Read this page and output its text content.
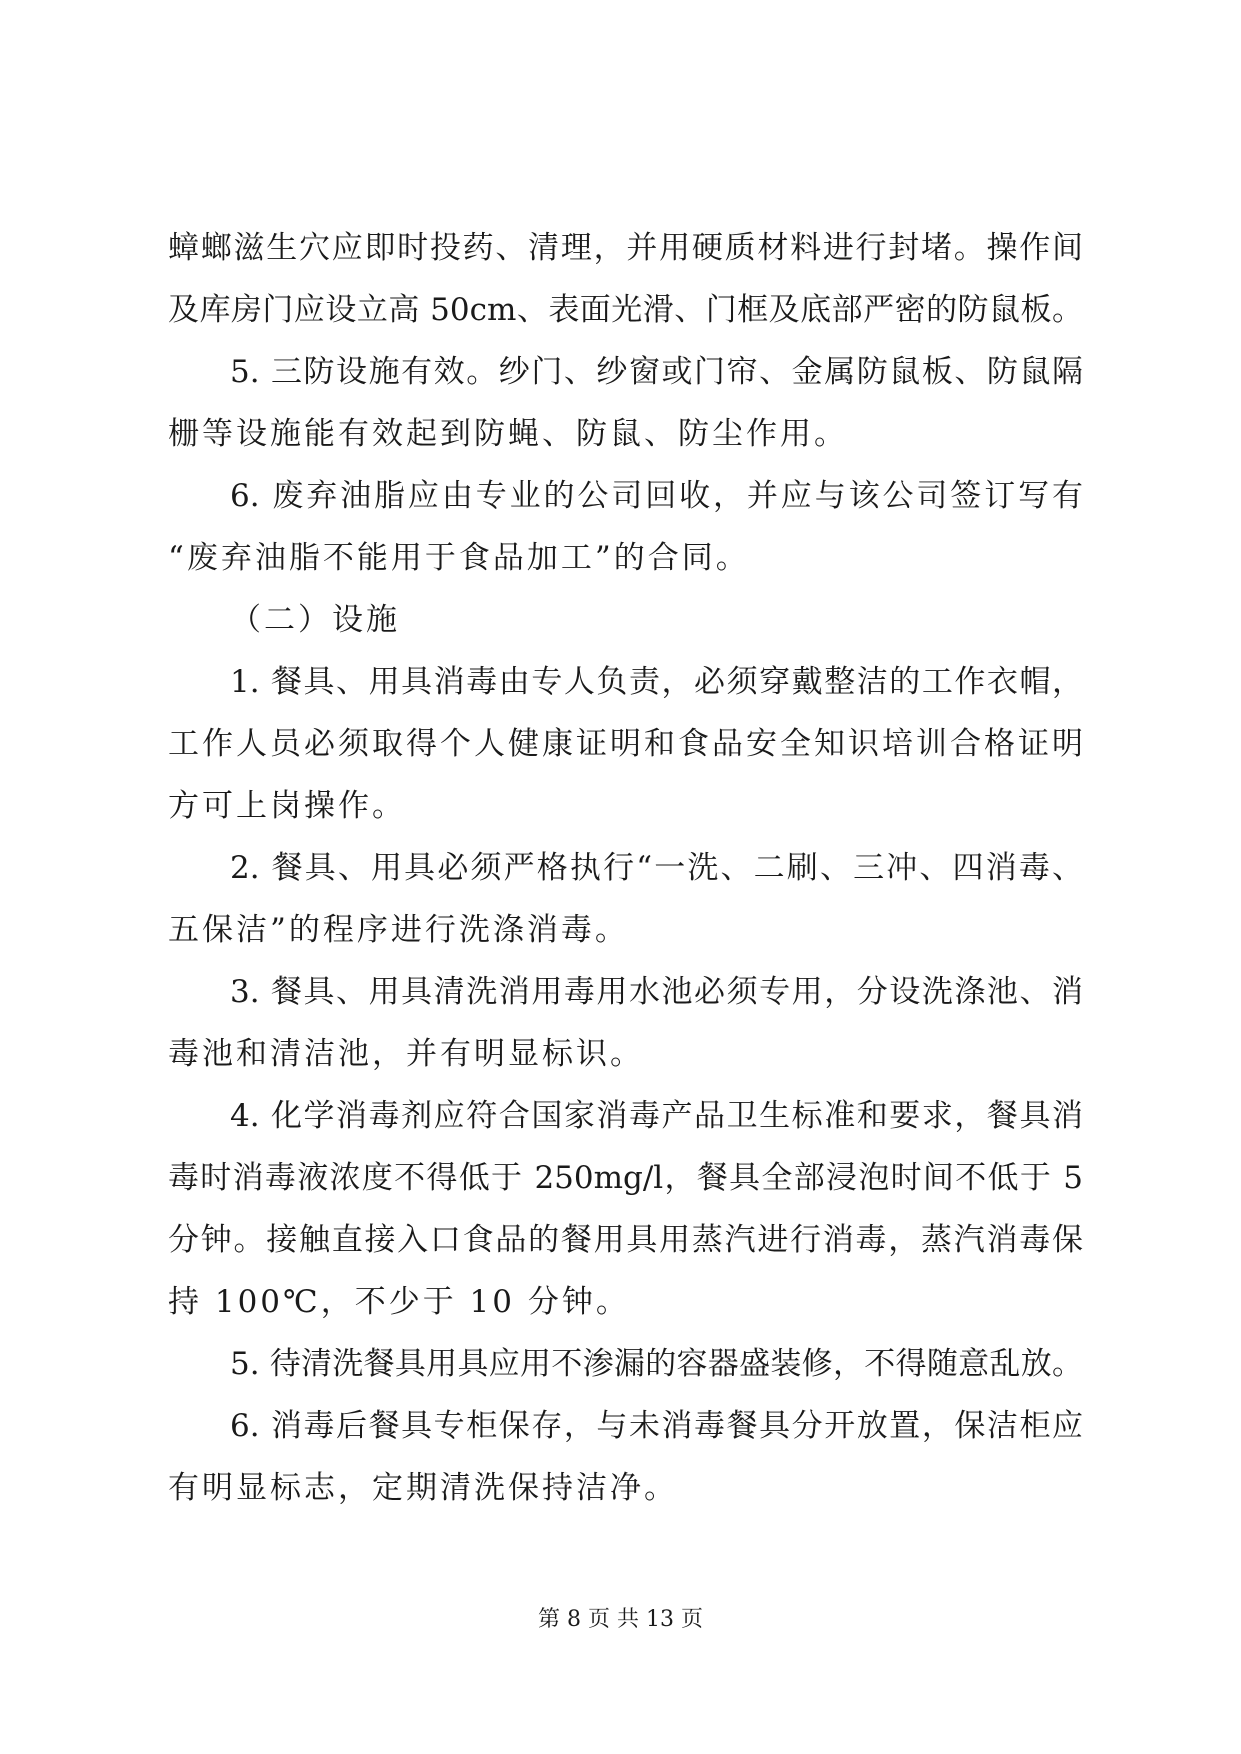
蟑螂滋生穴应即时投药、清理，并用硬质材料进行封堵。操作间
及库房门应设立高 50cm、表面光滑、门框及底部严密的防鼠板。
5. 三防设施有效。纱门、纱窗或门帘、金属防鼠板、防鼠隔
栅等设施能有效起到防蝇、防鼠、防尘作用。
6. 废弃油脂应由专业的公司回收，并应与该公司签订写有
“废弃油脂不能用于食品加工”的合同。
（二）设施
1. 餐具、用具消毒由专人负责，必须穿戴整洁的工作衣帽，
工作人员必须取得个人健康证明和食品安全知识培训合格证明
方可上岗操作。
2. 餐具、用具必须严格执行“一洗、二刷、三冲、四消毒、
五保洁”的程序进行洗涤消毒。
3. 餐具、用具清洗消用毒用水池必须专用，分设洗涤池、消
毒池和清洁池，并有明显标识。
4. 化学消毒剂应符合国家消毒产品卫生标准和要求，餐具消
毒时消毒液浓度不得低于 250mg/l，餐具全部浸泡时间不低于 5
分钟。接触直接入口食品的餐用具用蒸汽进行消毒，蒸汽消毒保
持 100℃，不少于 10 分钟。
5. 待清洗餐具用具应用不渗漏的容器盛装修，不得随意乱放。
6. 消毒后餐具专柜保存，与未消毒餐具分开放置，保洁柜应
有明显标志，定期清洗保持洁净。
第 8 页 共 13 页
